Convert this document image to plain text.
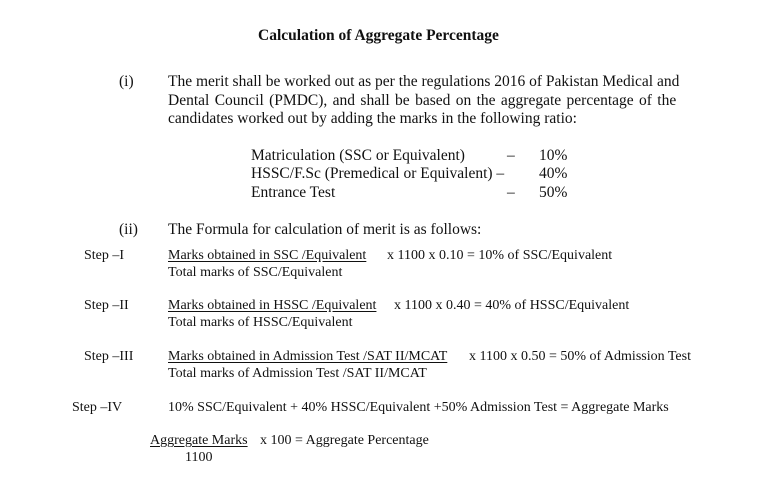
Calculation of Aggregate Percentage
(i) The merit shall be worked out as per the regulations 2016 of Pakistan Medical and
Dental Council (PMDC), and shall be based on the aggregate percentage of the
candidates worked out by adding the marks in the following ratio:
Matriculation (SSC or Equivalent)	– 10%
HSSC/F.Sc (Premedical or Equivalent) – 40%
Entrance Test	– 50%
(ii) The Formula for calculation of merit is as follows:
Step –I	Marks obtained in SSC /Equivalent x 1100 x 0.10 = 10% of SSC/Equivalent
Total marks of SSC/Equivalent
Step –II	Marks obtained in HSSC /Equivalent x 1100 x 0.40 = 40% of HSSC/Equivalent
Total marks of HSSC/Equivalent
Step –III Marks obtained in Admission Test /SAT II/MCAT x 1100 x 0.50 = 50% of Admission Test
Total marks of Admission Test /SAT II/MCAT
Step –IV	10% SSC/Equivalent + 40% HSSC/Equivalent +50% Admission Test = Aggregate Marks
Aggregate Marks x 100 = Aggregate Percentage
1100
